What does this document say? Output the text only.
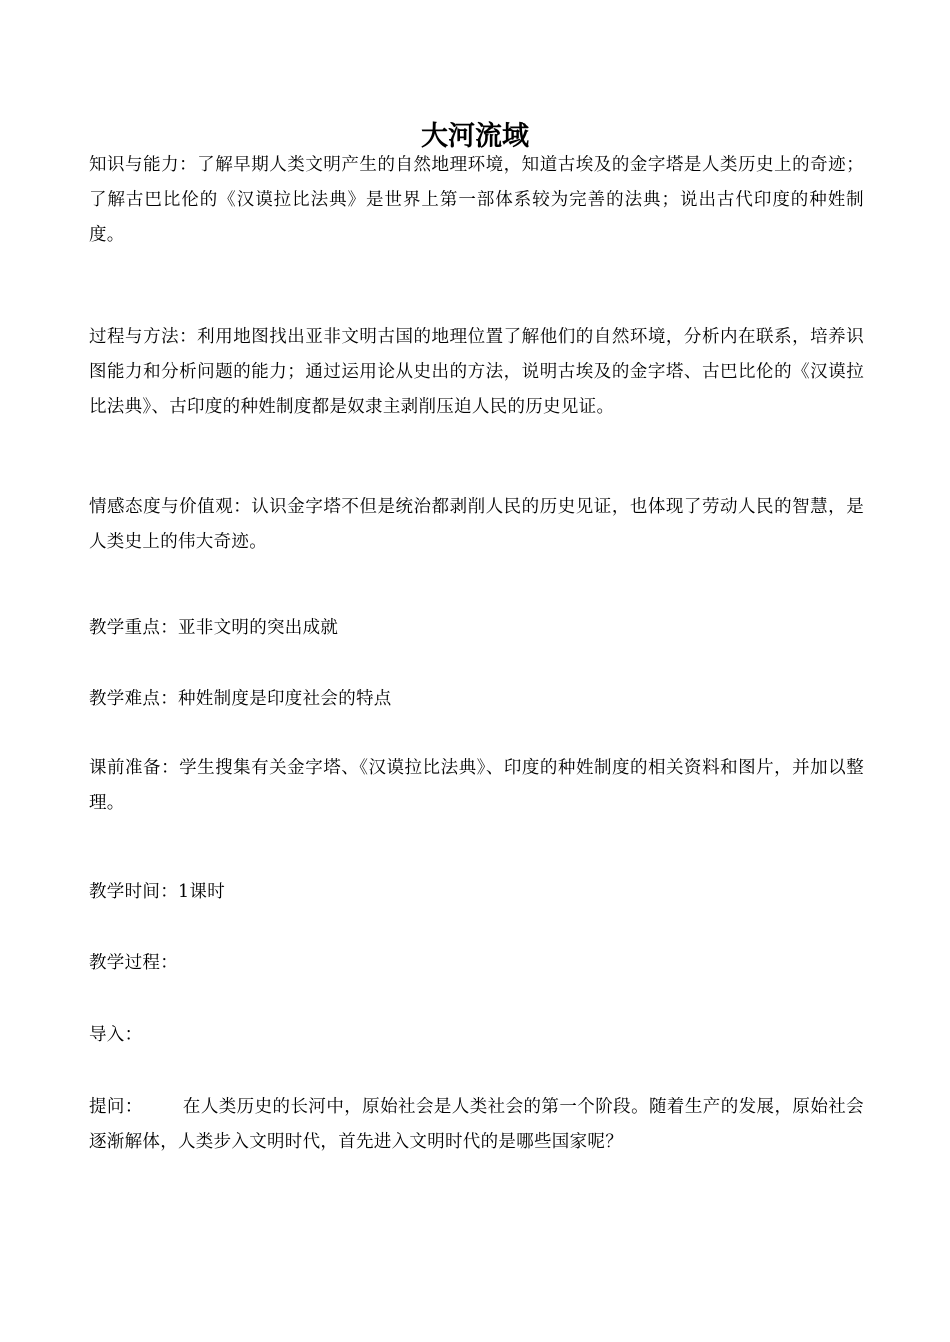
大河流域

知识与能力：了解早期人类文明产生的自然地理环境，知道古埃及的金字塔是人类历史上的奇迹；了解古巴比伦的《汉谟拉比法典》是世界上第一部体系较为完善的法典；说出古代印度的种姓制度。

过程与方法：利用地图找出亚非文明古国的地理位置了解他们的自然环境，分析内在联系，培养识图能力和分析问题的能力；通过运用论从史出的方法，说明古埃及的金字塔、古巴比伦的《汉谟拉比法典》、古印度的种姓制度都是奴隶主剥削压迫人民的历史见证。

情感态度与价值观：认识金字塔不但是统治都剥削人民的历史见证，也体现了劳动人民的智慧，是人类史上的伟大奇迹。

教学重点：亚非文明的突出成就

教学难点：种姓制度是印度社会的特点

课前准备：学生搜集有关金字塔、《汉谟拉比法典》、印度的种姓制度的相关资料和图片，并加以整理。

教学时间：1课时

教学过程：

导入：

提问： 在人类历史的长河中，原始社会是人类社会的第一个阶段。随着生产的发展，原始社会逐渐解体，人类步入文明时代，首先进入文明时代的是哪些国家呢？
